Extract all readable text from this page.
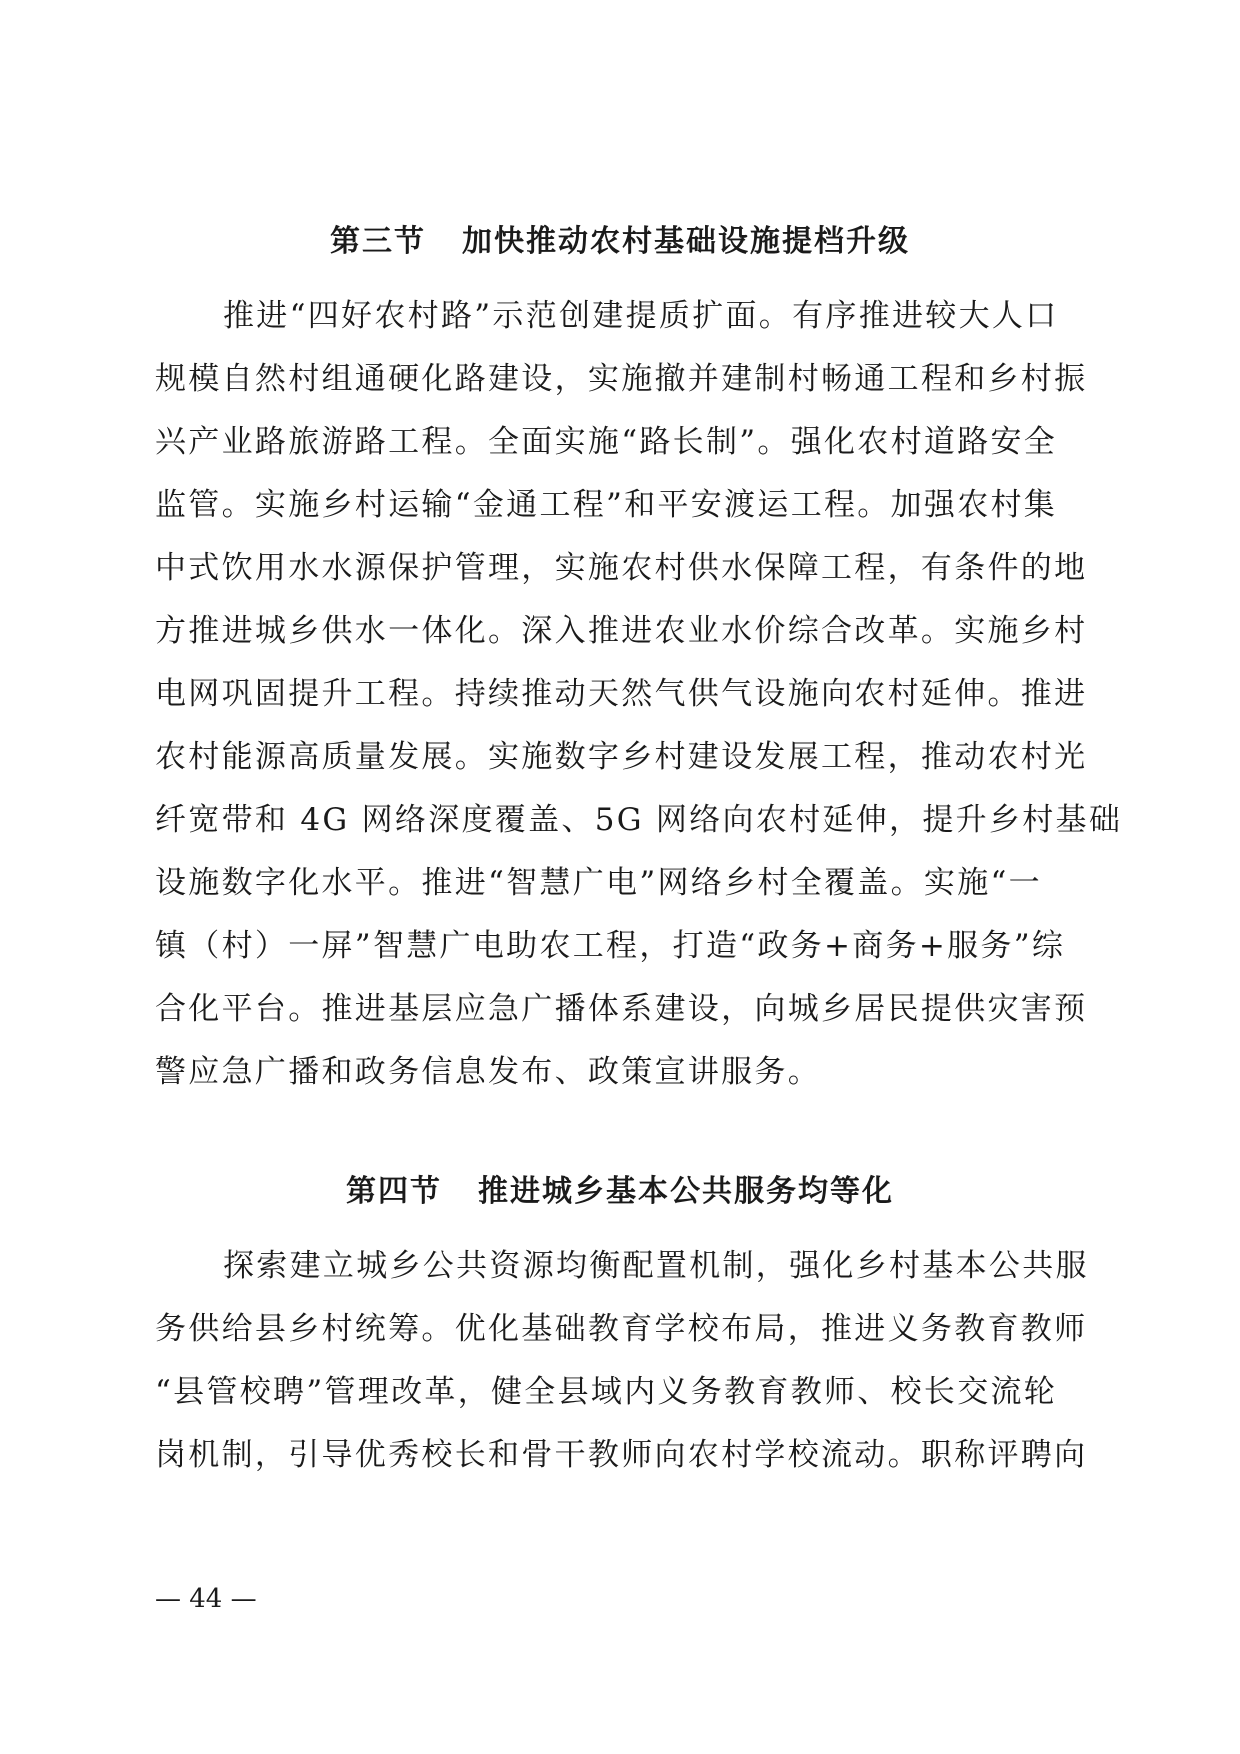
第三节 加快推动农村基础设施提档升级
推进“四好农村路”示范创建提质扩面。有序推进较大人口
规模自然村组通硬化路建设，实施撤并建制村畅通工程和乡村振
兴产业路旅游路工程。全面实施“路长制”。强化农村道路安全
监管。实施乡村运输“金通工程”和平安渡运工程。加强农村集
中式饮用水水源保护管理，实施农村供水保障工程，有条件的地
方推进城乡供水一体化。深入推进农业水价综合改革。实施乡村
电网巩固提升工程。持续推动天然气供气设施向农村延伸。推进
农村能源高质量发展。实施数字乡村建设发展工程，推动农村光
纤宽带和 4G 网络深度覆盖、5G 网络向农村延伸，提升乡村基础
设施数字化水平。推进“智慧广电”网络乡村全覆盖。实施“一
镇（村）一屏”智慧广电助农工程，打造“政务+商务+服务”综
合化平台。推进基层应急广播体系建设，向城乡居民提供灾害预
警应急广播和政务信息发布、政策宣讲服务。
第四节 推进城乡基本公共服务均等化
探索建立城乡公共资源均衡配置机制，强化乡村基本公共服
务供给县乡村统筹。优化基础教育学校布局，推进义务教育教师
“县管校聘”管理改革，健全县域内义务教育教师、校长交流轮
岗机制，引导优秀校长和骨干教师向农村学校流动。职称评聘向
— 44 —
